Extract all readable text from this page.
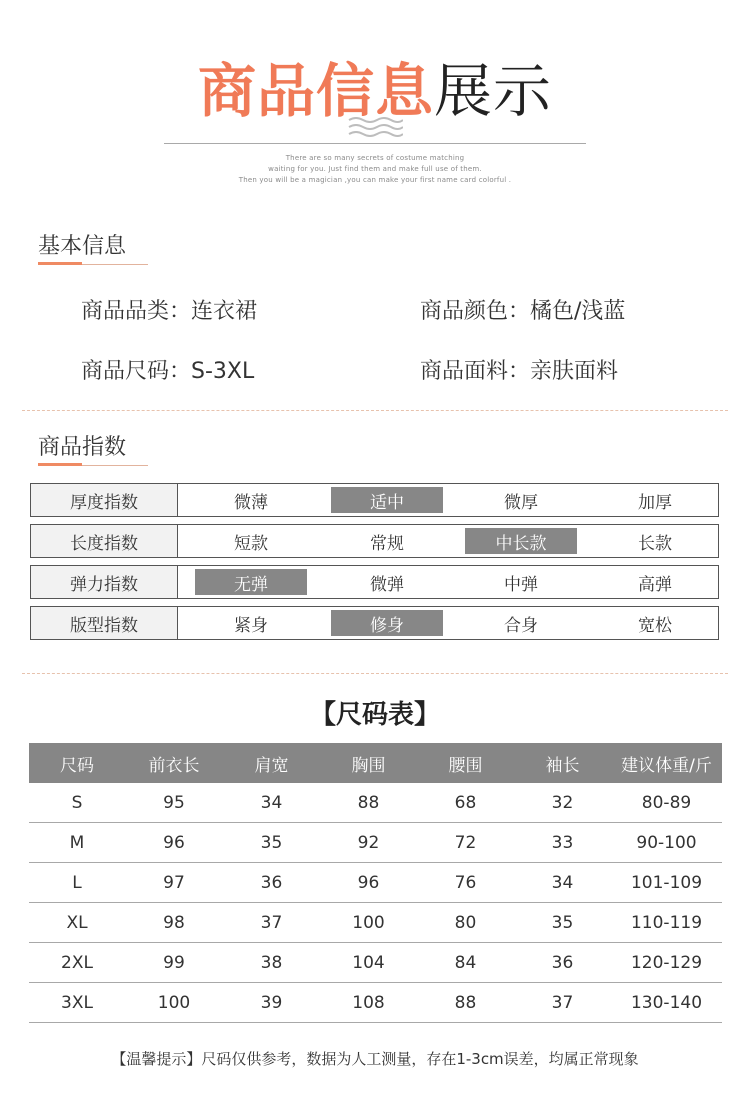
商品信息展示
There are so many secrets of costume matching
waiting for you. Just find them and make full use of them.
Then you will be a magician ,you can make your first name card colorful .
基本信息
商品品类：连衣裙	商品颜色：橘色/浅蓝
商品尺码：S-3XL	商品面料：亲肤面料
商品指数
厚度指数	微薄	适中	微厚	加厚
长度指数	短款	常规	中长款	长款
弹力指数	无弹	微弹	中弹	高弹
版型指数	紧身	修身	合身	宽松
【尺码表】
尺码	前衣长	肩宽	胸围	腰围	袖长	建议体重/斤
S	95	34	88	68	32	80-89
M	96	35	92	72	33	90-100
L	97	36	96	76	34	101-109
XL	98	37	100	80	35	110-119
2XL	99	38	104	84	36	120-129
3XL	100	39	108	88	37	130-140
【温馨提示】尺码仅供参考，数据为人工测量，存在1-3cm误差，均属正常现象
